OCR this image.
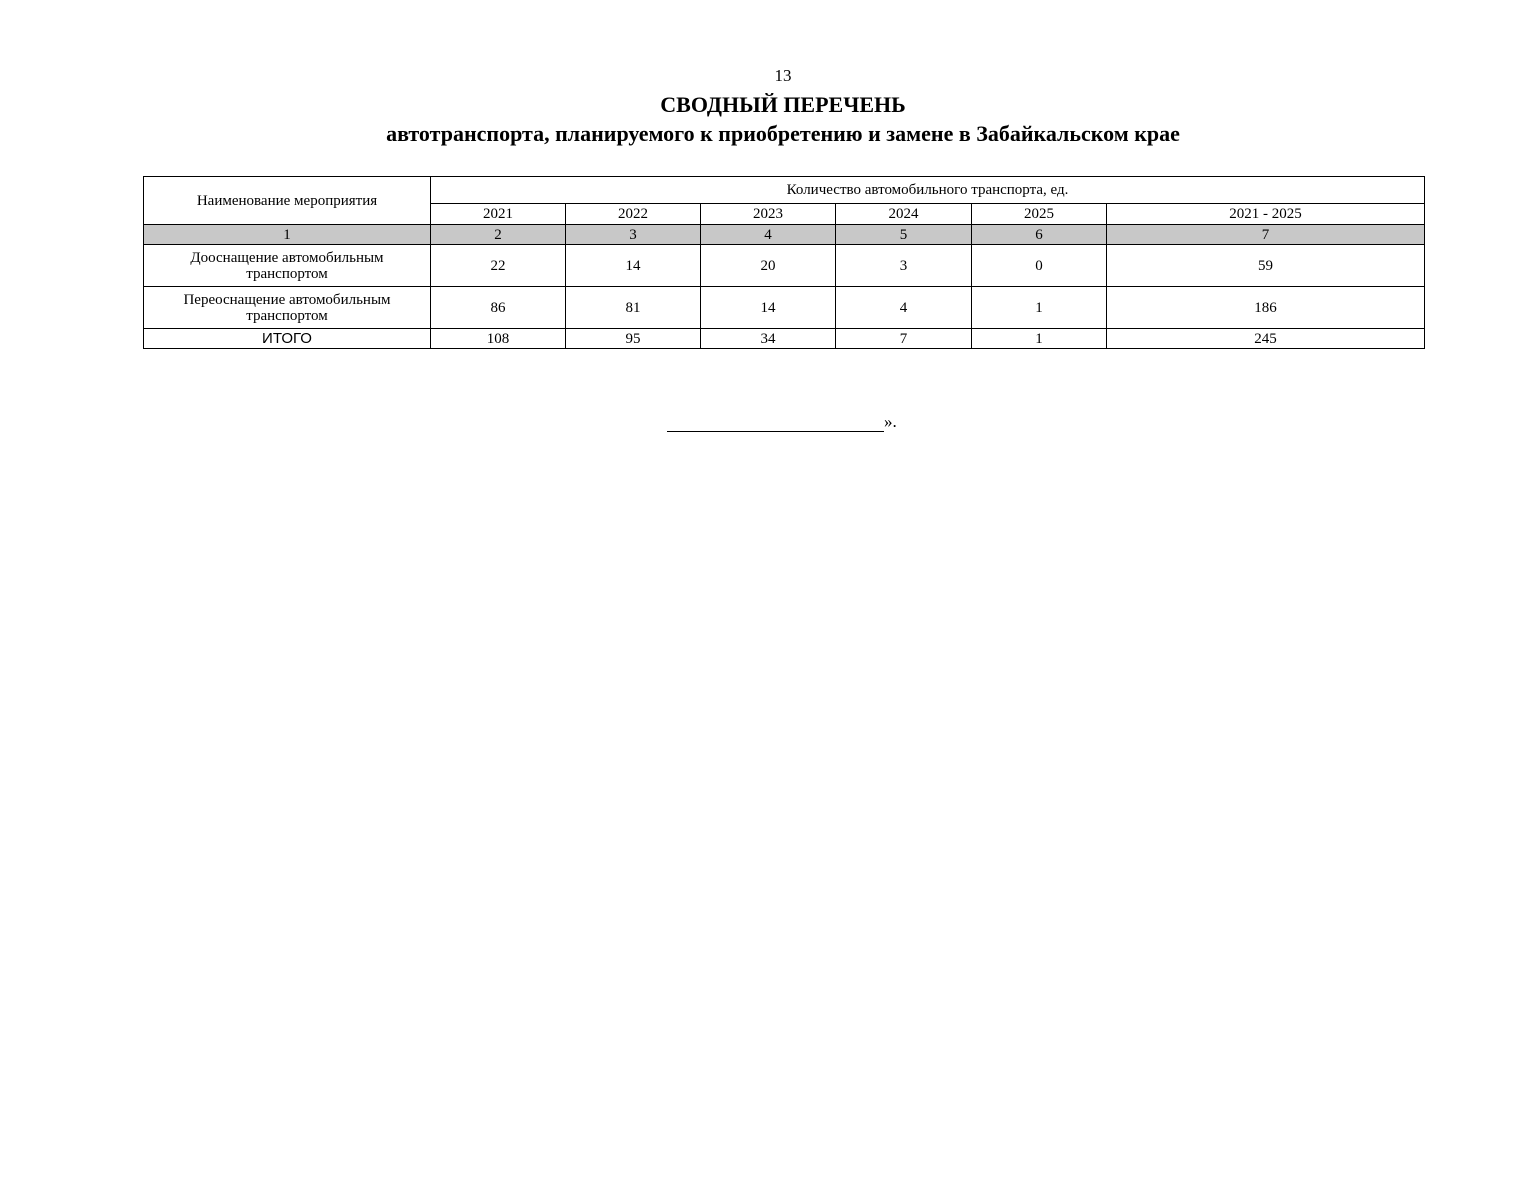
13
СВОДНЫЙ ПЕРЕЧЕНЬ
автотранспорта, планируемого к приобретению и замене в Забайкальском крае
Наименование мероприятия	Количество автомобильного транспорта, ед.					
	2021	2022	2023	2024	2025	2021 - 2025
1	2	3	4	5	6	7
Дооснащение автомобильным транспортом	22	14	20	3	0	59
Переоснащение автомобильным транспортом	86	81	14	4	1	186
ИТОГО	108	95	34	7	1	245
».
